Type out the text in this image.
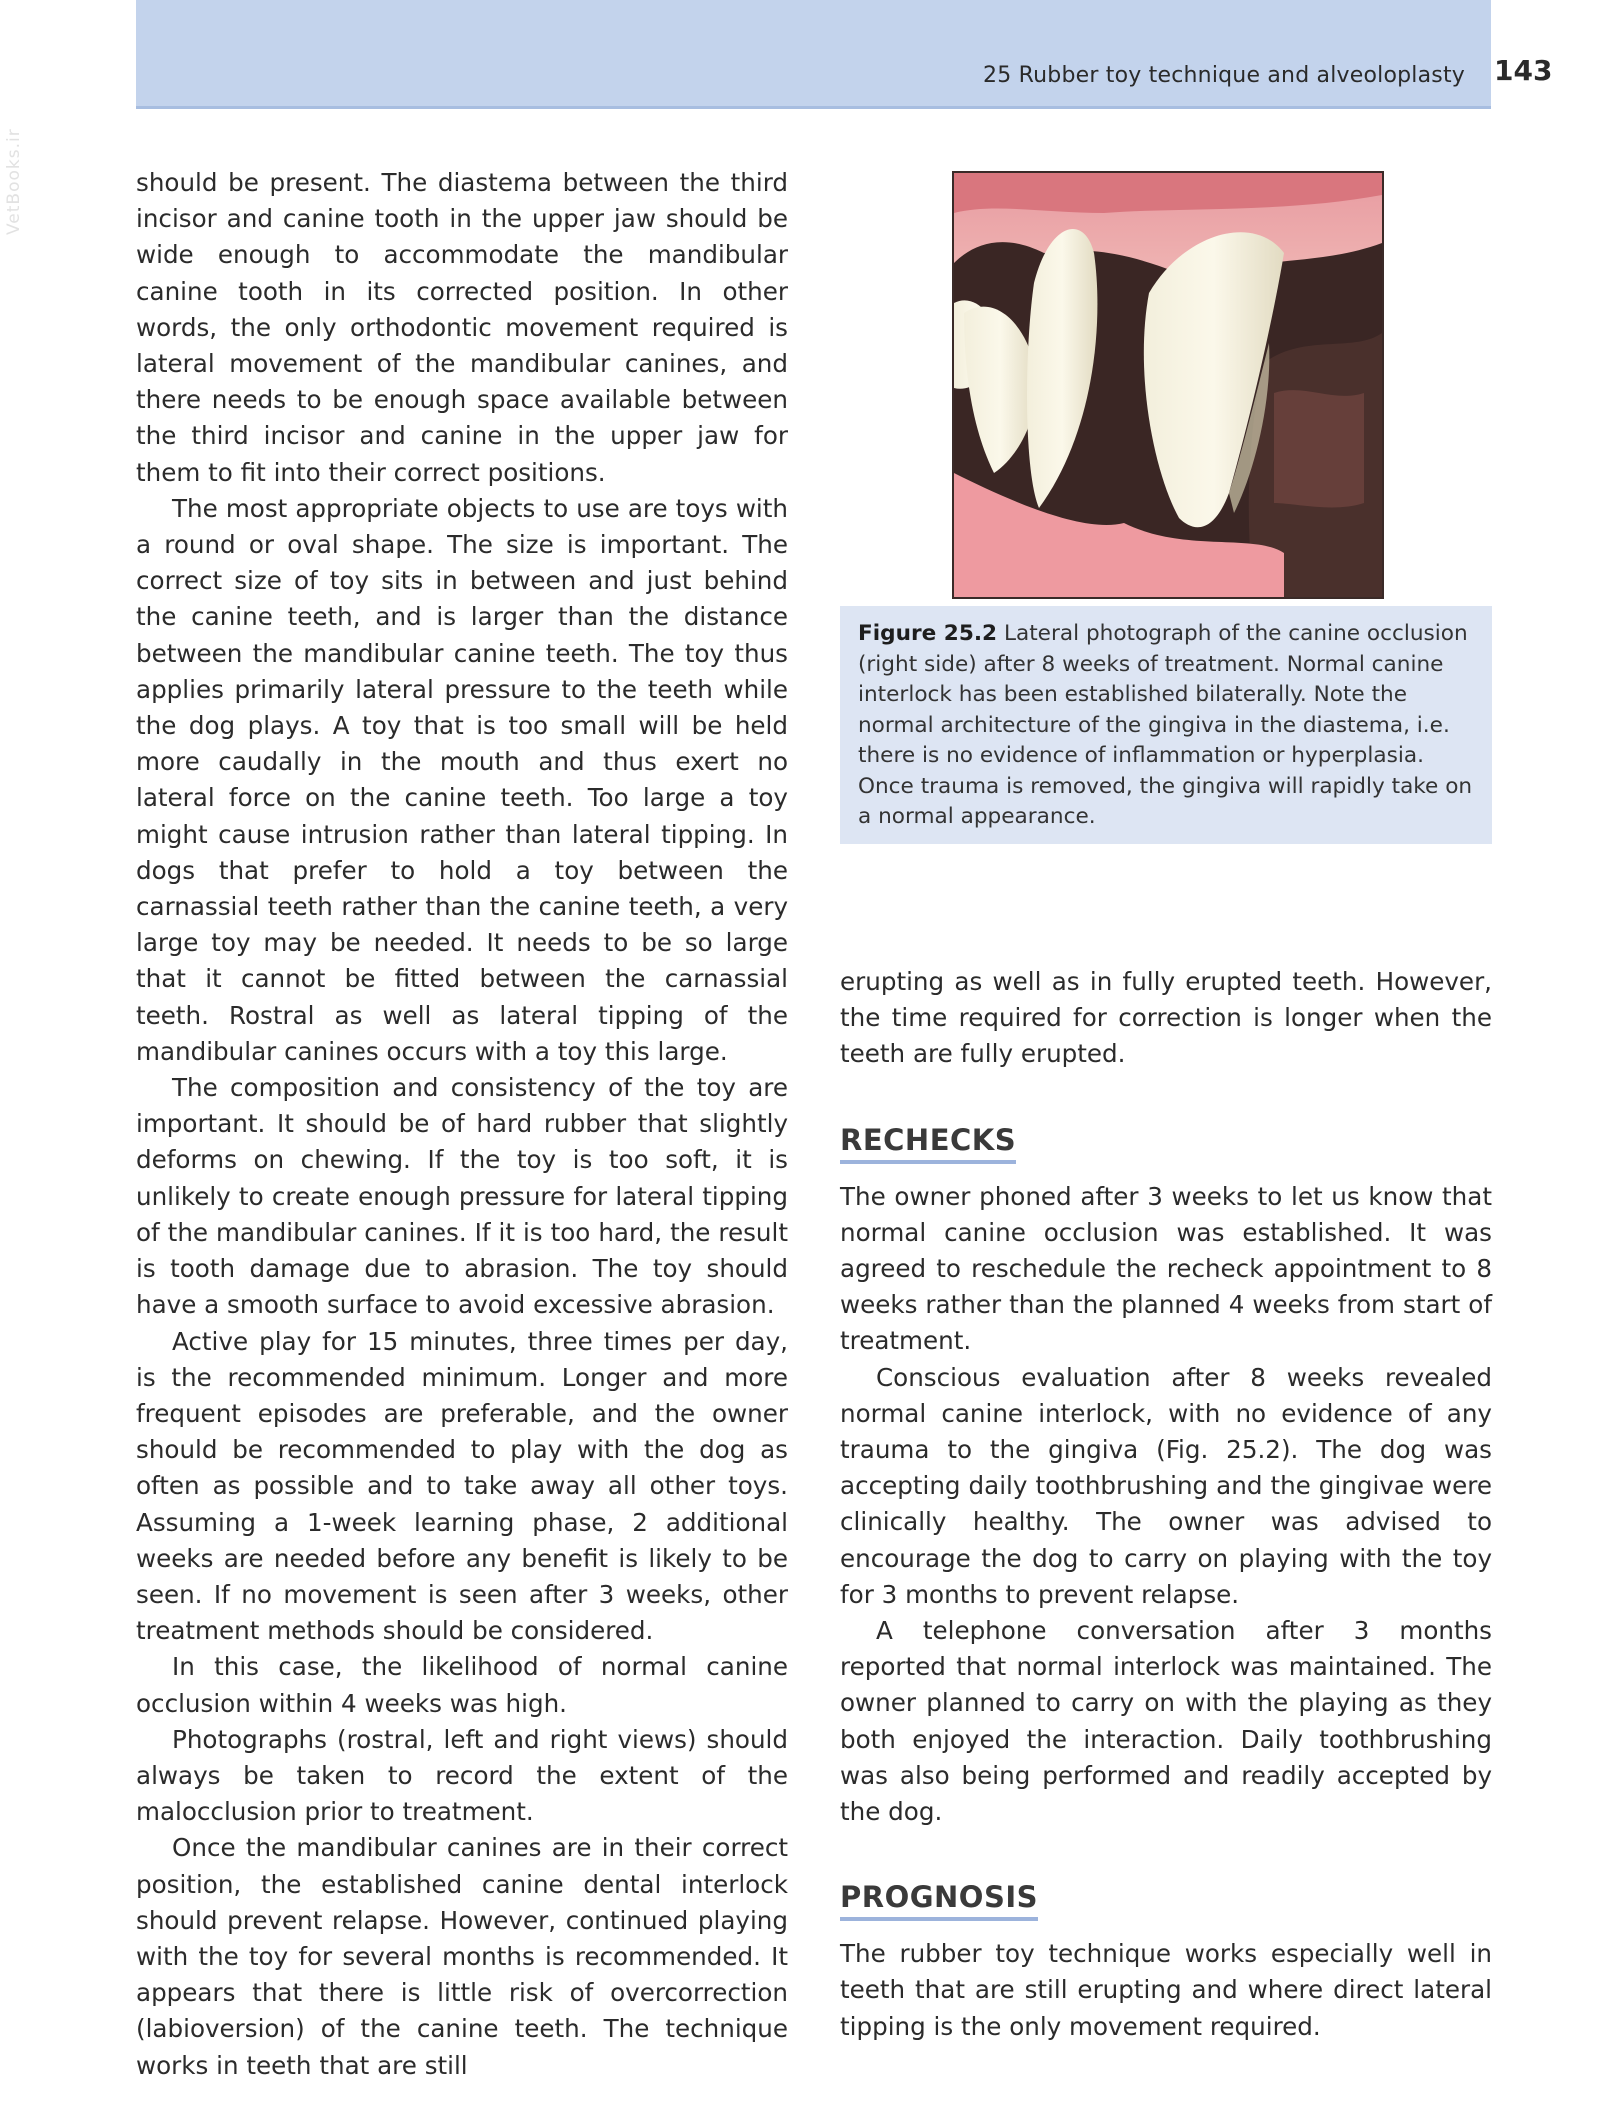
25 Rubber toy technique and alveoloplasty 143
VetBooks.ir	should be present. The diastema between the third incisor and canine tooth in the upper jaw should be wide enough to accommodate the mandibular canine tooth in its corrected position. In other words, the only orthodontic movement required is lateral movement of the mandibular canines, and there needs to be enough space available between the third incisor and canine in the upper jaw for them to fit into their correct positions.

The most appropriate objects to use are toys with a round or oval shape. The size is important. The correct size of toy sits in between and just behind the canine teeth, and is larger than the distance between the mandibular canine teeth. The toy thus applies primarily lateral pressure to the teeth while the dog plays. A toy that is too small will be held more caudally in the mouth and thus exert no lateral force on the canine teeth. Too large a toy might cause intrusion rather than lateral tipping. In dogs that prefer to hold a toy between the carnassial teeth rather than the canine teeth, a very large toy may be needed. It needs to be so large that it cannot be fitted between the carnassial teeth. Rostral as well as lateral tipping of the mandibular canines occurs with a toy this large.

The composition and consistency of the toy are important. It should be of hard rubber that slightly deforms on chewing. If the toy is too soft, it is unlikely to create enough pressure for lateral tipping of the mandibular canines. If it is too hard, the result is tooth damage due to abrasion. The toy should have a smooth surface to avoid excessive abrasion.

Active play for 15 minutes, three times per day, is the recommended minimum. Longer and more frequent episodes are preferable, and the owner should be recommended to play with the dog as often as possible and to take away all other toys. Assuming a 1-week learning phase, 2 additional weeks are needed before any benefit is likely to be seen. If no movement is seen after 3 weeks, other treatment methods should be considered.

In this case, the likelihood of normal canine occlusion within 4 weeks was high.

Photographs (rostral, left and right views) should always be taken to record the extent of the malocclusion prior to treatment.

Once the mandibular canines are in their correct position, the established canine dental interlock should prevent relapse. However, continued playing with the toy for several months is recommended. It appears that there is little risk of overcorrection (labioversion) of the canine teeth. The technique works in teeth that are still

Figure 25.2 Lateral photograph of the canine occlusion (right side) after 8 weeks of treatment. Normal canine interlock has been established bilaterally. Note the normal architecture of the gingiva in the diastema, i.e. there is no evidence of inflammation or hyperplasia. Once trauma is removed, the gingiva will rapidly take on a normal appearance.

erupting as well as in fully erupted teeth. However, the time required for correction is longer when the teeth are fully erupted.

RECHECKS

The owner phoned after 3 weeks to let us know that normal canine occlusion was established. It was agreed to reschedule the recheck appointment to 8 weeks rather than the planned 4 weeks from start of treatment.

Conscious evaluation after 8 weeks revealed normal canine interlock, with no evidence of any trauma to the gingiva (Fig. 25.2). The dog was accepting daily toothbrushing and the gingivae were clinically healthy. The owner was advised to encourage the dog to carry on playing with the toy for 3 months to prevent relapse.

A telephone conversation after 3 months reported that normal interlock was maintained. The owner planned to carry on with the playing as they both enjoyed the interaction. Daily toothbrushing was also being performed and readily accepted by the dog.

PROGNOSIS

The rubber toy technique works especially well in teeth that are still erupting and where direct lateral tipping is the only movement required.
